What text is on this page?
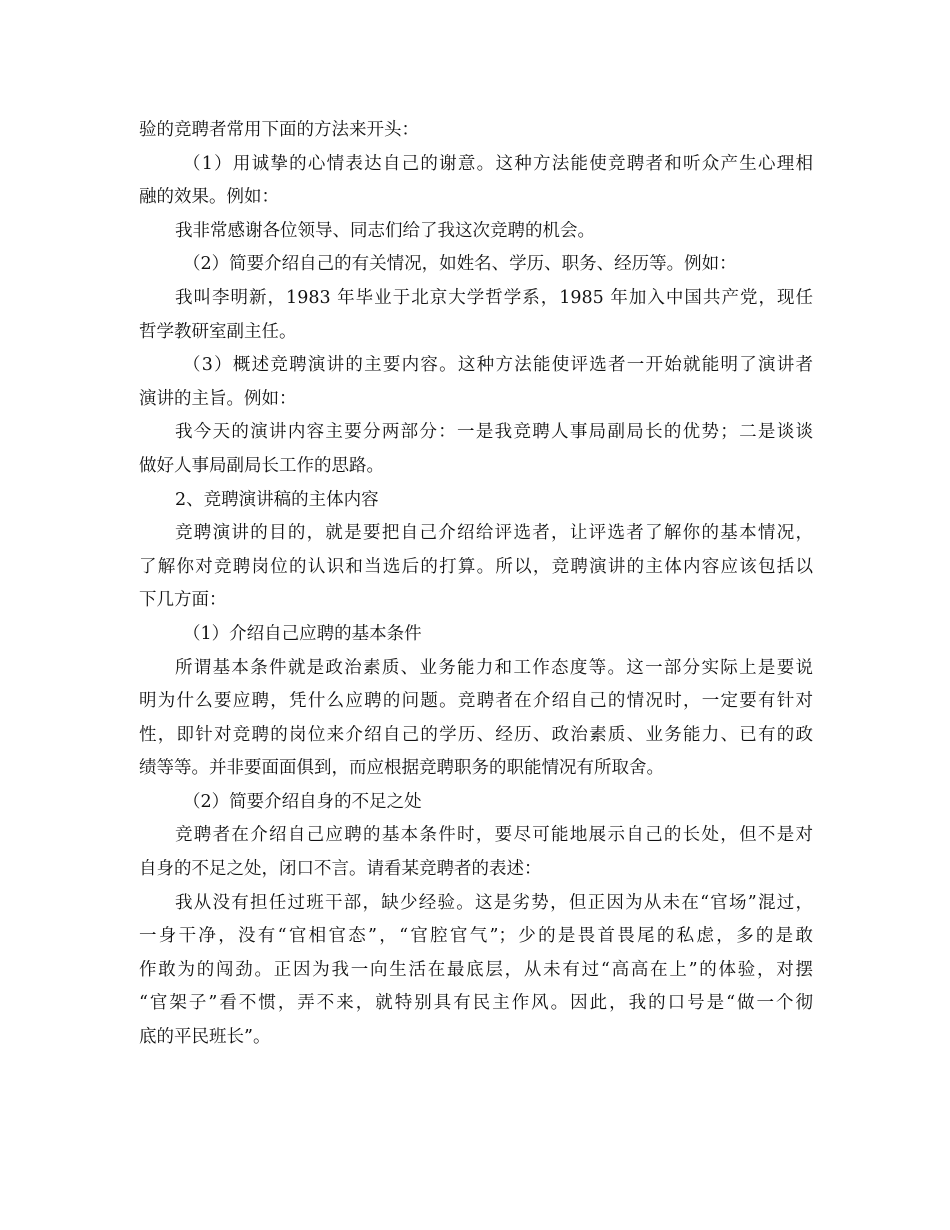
验的竞聘者常用下面的方法来开头：
（1）用诚挚的心情表达自己的谢意。这种方法能使竞聘者和听众产生心理相
融的效果。例如：
我非常感谢各位领导、同志们给了我这次竞聘的机会。
（2）简要介绍自己的有关情况，如姓名、学历、职务、经历等。例如：
我叫李明新，1983 年毕业于北京大学哲学系，1985 年加入中国共产党，现任
哲学教研室副主任。
（3）概述竞聘演讲的主要内容。这种方法能使评选者一开始就能明了演讲者
演讲的主旨。例如：
我今天的演讲内容主要分两部分：一是我竞聘人事局副局长的优势；二是谈谈
做好人事局副局长工作的思路。
2、竞聘演讲稿的主体内容
竞聘演讲的目的，就是要把自己介绍给评选者，让评选者了解你的基本情况，
了解你对竞聘岗位的认识和当选后的打算。所以，竞聘演讲的主体内容应该包括以
下几方面：
（1）介绍自己应聘的基本条件
所谓基本条件就是政治素质、业务能力和工作态度等。这一部分实际上是要说
明为什么要应聘，凭什么应聘的问题。竞聘者在介绍自己的情况时，一定要有针对
性，即针对竞聘的岗位来介绍自己的学历、经历、政治素质、业务能力、已有的政
绩等等。并非要面面俱到，而应根据竞聘职务的职能情况有所取舍。
（2）简要介绍自身的不足之处
竞聘者在介绍自己应聘的基本条件时，要尽可能地展示自己的长处，但不是对
自身的不足之处，闭口不言。请看某竞聘者的表述：
我从没有担任过班干部，缺少经验。这是劣势，但正因为从未在“官场”混过，
一身干净，没有“官相官态”，“官腔官气”；少的是畏首畏尾的私虑，多的是敢
作敢为的闯劲。正因为我一向生活在最底层，从未有过“高高在上”的体验，对摆
“官架子”看不惯，弄不来，就特别具有民主作风。因此，我的口号是“做一个彻
底的平民班长”。
